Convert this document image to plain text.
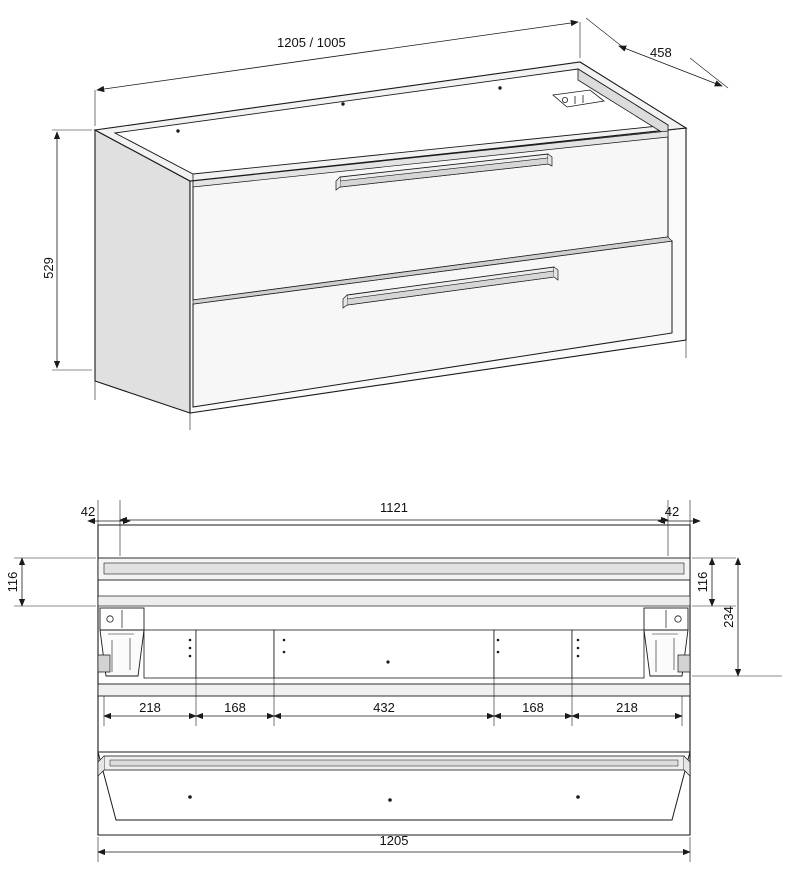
1205 / 1005
458
529
42	42
1121
116	116
234
218	168	432	168	218
1205
